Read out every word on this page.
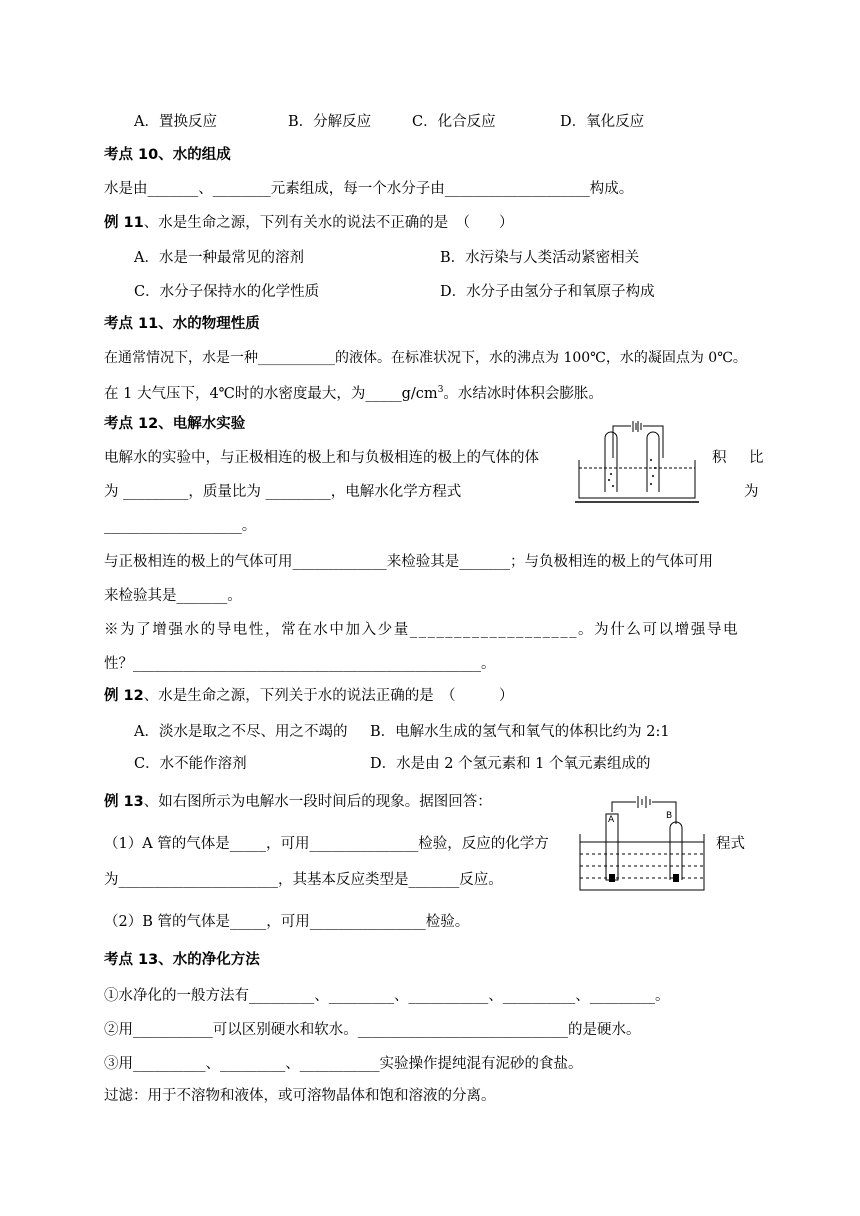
A．置换反应	B．分解反应	C．化合反应	D．氧化反应
考点 10、水的组成
水是由_______、________元素组成，每一个水分子由____________________构成。
例 11、水是生命之源，下列有关水的说法不正确的是　（　　）
A．水是一种最常见的溶剂	B．水污染与人类活动紧密相关
C．水分子保持水的化学性质	D．水分子由氢分子和氧原子构成
考点 11、水的物理性质
在通常情况下，水是一种___________的液体。在标准状况下，水的沸点为 100℃，水的凝固点为 0℃。
在 1 大气压下，4℃时的水密度最大，为$\_\_\_\_\_g/cm^3$。水结冰时体积会膨胀。
考点 12、电解水实验
电解水的实验中，与正极相连的极上和与负极相连的极上的气体的体	积　比
为 _________，质量比为 _________，电解水化学方程式	为
___________________。
与正极相连的极上的气体可用_____________来检验其是_______；与负极相连的极上的气体可用
来检验其是_______。
※为了增强水的导电性，常在水中加入少量___________________。为什么可以增强导电
性？________________________________________________。
例 12、水是生命之源，下列关于水的说法正确的是　（　　　）
A．淡水是取之不尽、用之不竭的 B．电解水生成的氢气和氧气的体积比约为 2:1
C．水不能作溶剂	D．水是由 2 个氢元素和 1 个氧元素组成的
例 13、如右图所示为电解水一段时间后的现象。据图回答：
（1）A 管的气体是_____，可用_______________检验，反应的化学方	程式
为______________________，其基本反应类型是_______反应。
（2）B 管的气体是_____，可用________________检验。
A	B
考点 13、水的净化方法
①水净化的一般方法有_________、_________、___________、__________、_________。
②用___________可以区别硬水和软水。_____________________________的是硬水。
③用__________、_________、___________实验操作提纯混有泥砂的食盐。
过滤：用于不溶物和液体，或可溶物晶体和饱和溶液的分离。
